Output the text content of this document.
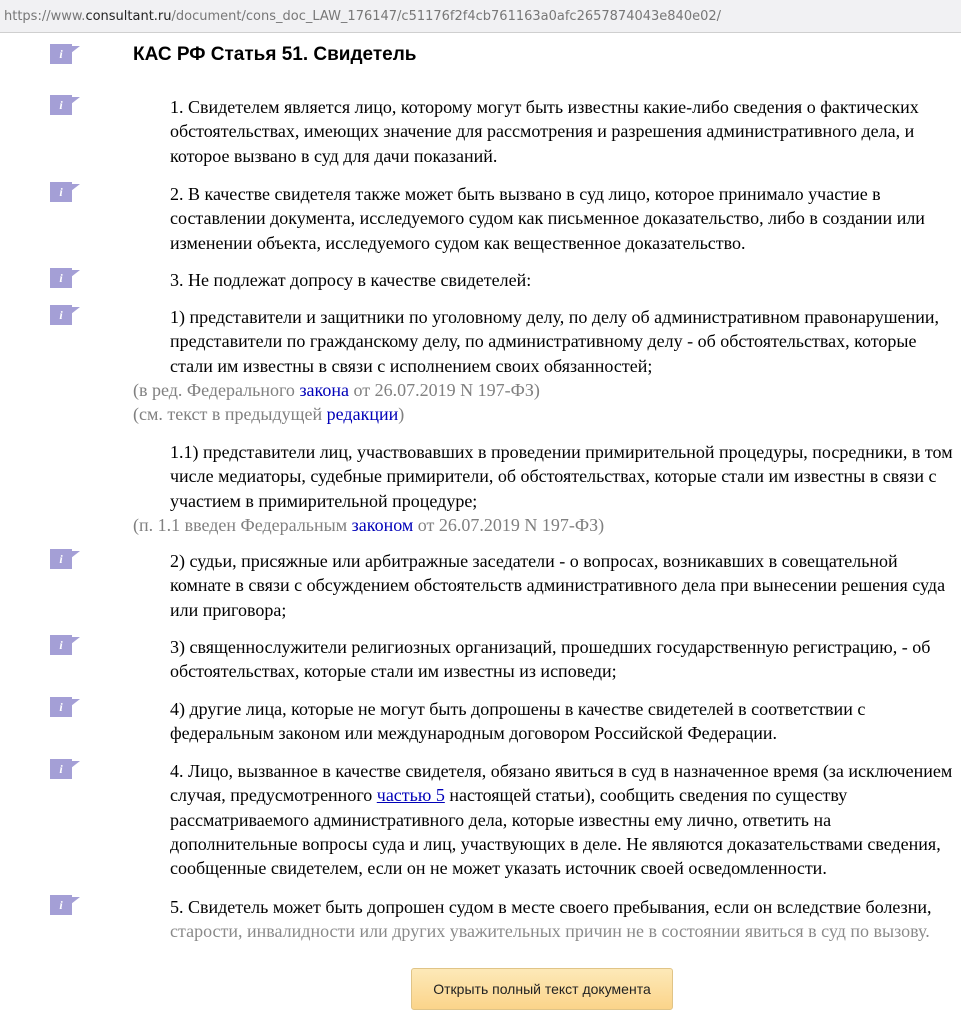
https://www.consultant.ru/document/cons_doc_LAW_176147/c51176f2f4cb761163a0afc2657874043e840e02/
i
i
i
i
i
i
i
i
i
i
КАС РФ Статья 51. Свидетель
1. Свидетелем является лицо, которому могут быть известны какие-либо сведения о фактических обстоятельствах, имеющих значение для рассмотрения и разрешения административного дела, и которое вызвано в суд для дачи показаний.
2. В качестве свидетеля также может быть вызвано в суд лицо, которое принимало участие в составлении документа, исследуемого судом как письменное доказательство, либо в создании или изменении объекта, исследуемого судом как вещественное доказательство.
3. Не подлежат допросу в качестве свидетелей:
1) представители и защитники по уголовному делу, по делу об административном правонарушении, представители по гражданскому делу, по административному делу - об обстоятельствах, которые стали им известны в связи с исполнением своих обязанностей;
(в ред. Федерального закона от 26.07.2019 N 197-ФЗ)
(см. текст в предыдущей редакции)
1.1) представители лиц, участвовавших в проведении примирительной процедуры, посредники, в том числе медиаторы, судебные примирители, об обстоятельствах, которые стали им известны в связи с участием в примирительной процедуре;
(п. 1.1 введен Федеральным законом от 26.07.2019 N 197-ФЗ)
2) судьи, присяжные или арбитражные заседатели - о вопросах, возникавших в совещательной комнате в связи с обсуждением обстоятельств административного дела при вынесении решения суда или приговора;
3) священнослужители религиозных организаций, прошедших государственную регистрацию, - об обстоятельствах, которые стали им известны из исповеди;
4) другие лица, которые не могут быть допрошены в качестве свидетелей в соответствии с федеральным законом или международным договором Российской Федерации.
4. Лицо, вызванное в качестве свидетеля, обязано явиться в суд в назначенное время (за исключением случая, предусмотренного частью 5 настоящей статьи), сообщить сведения по существу рассматриваемого административного дела, которые известны ему лично, ответить на дополнительные вопросы суда и лиц, участвующих в деле. Не являются доказательствами сведения, сообщенные свидетелем, если он не может указать источник своей осведомленности.
5. Свидетель может быть допрошен судом в месте своего пребывания, если он вследствие болезни, старости, инвалидности или других уважительных причин не в состоянии явиться в суд по вызову.
Открыть полный текст документа
